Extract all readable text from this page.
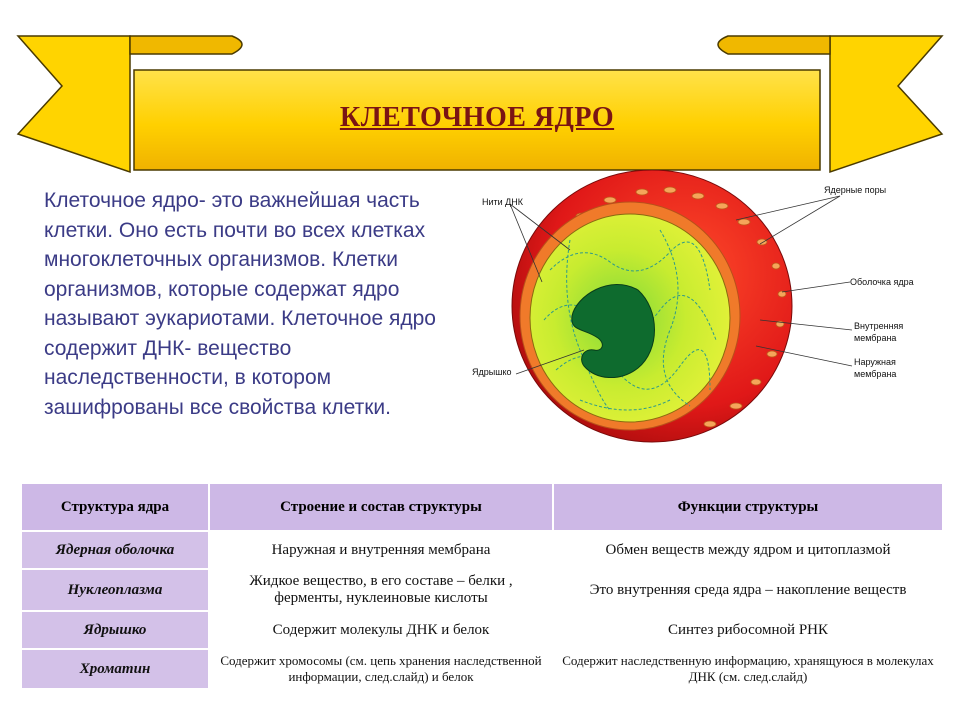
КЛЕТОЧНОЕ ЯДРО
Клеточное ядро- это важнейшая часть клетки. Оно есть почти во всех клетках многоклеточных организмов. Клетки организмов, которые содержат ядро называют эукариотами. Клеточное ядро содержит ДНК- вещество наследственности, в котором зашифрованы все свойства клетки.

Нити ДНК

Ядерные поры

Оболочка ядра

Внутренняя мембрана

Наружная мембрана

Ядрышко

Структура ядра	Строение и состав структуры	Функции структуры
Ядерная оболочка	Наружная и внутренняя мембрана	Обмен веществ между ядром и цитоплазмой
Нуклеоплазма	Жидкое вещество, в его составе – белки , ферменты, нуклеиновые кислоты	Это внутренняя среда ядра – накопление веществ
Ядрышко	Содержит молекулы ДНК и белок	Синтез рибосомной РНК
Хроматин	Содержит хромосомы (см. цепь хранения наследственной информации, след.слайд) и белок	Содержит наследственную информацию, хранящуюся в молекулах ДНК (см. след.слайд)
